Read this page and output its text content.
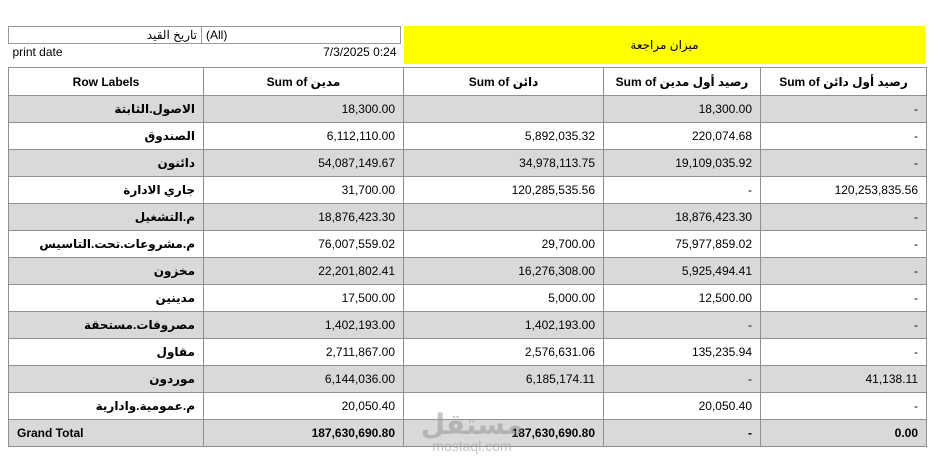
تاريخ القيد	(All)
print date	7/3/2025 0:24	ميزان مراجعة
Row Labels	Sum of مدين	Sum of دائن	Sum of رصيد أول مدين	Sum of رصيد أول دائن
الاصول.الثابتة	18,300.00		18,300.00	-
الصندوق	6,112,110.00	5,892,035.32	220,074.68	-
دائنون	54,087,149.67	34,978,113.75	19,109,035.92	-
جاري الادارة	31,700.00	120,285,535.56	-	120,253,835.56
م.التشغيل	18,876,423.30		18,876,423.30	-
م.مشروعات.تحت.التاسيس	76,007,559.02	29,700.00	75,977,859.02	-
مخزون	22,201,802.41	16,276,308.00	5,925,494.41	-
مدينين	17,500.00	5,000.00	12,500.00	-
مصروفات.مستحقة	1,402,193.00	1,402,193.00	-	-
مقاول	2,711,867.00	2,576,631.06	135,235.94	-
موردون	6,144,036.00	6,185,174.11	-	41,138.11
م.عمومية.وادارية	20,050.40		20,050.40	-
Grand Total	187,630,690.80	187,630,690.80	-	0.00
مستقل
mostaql.com
